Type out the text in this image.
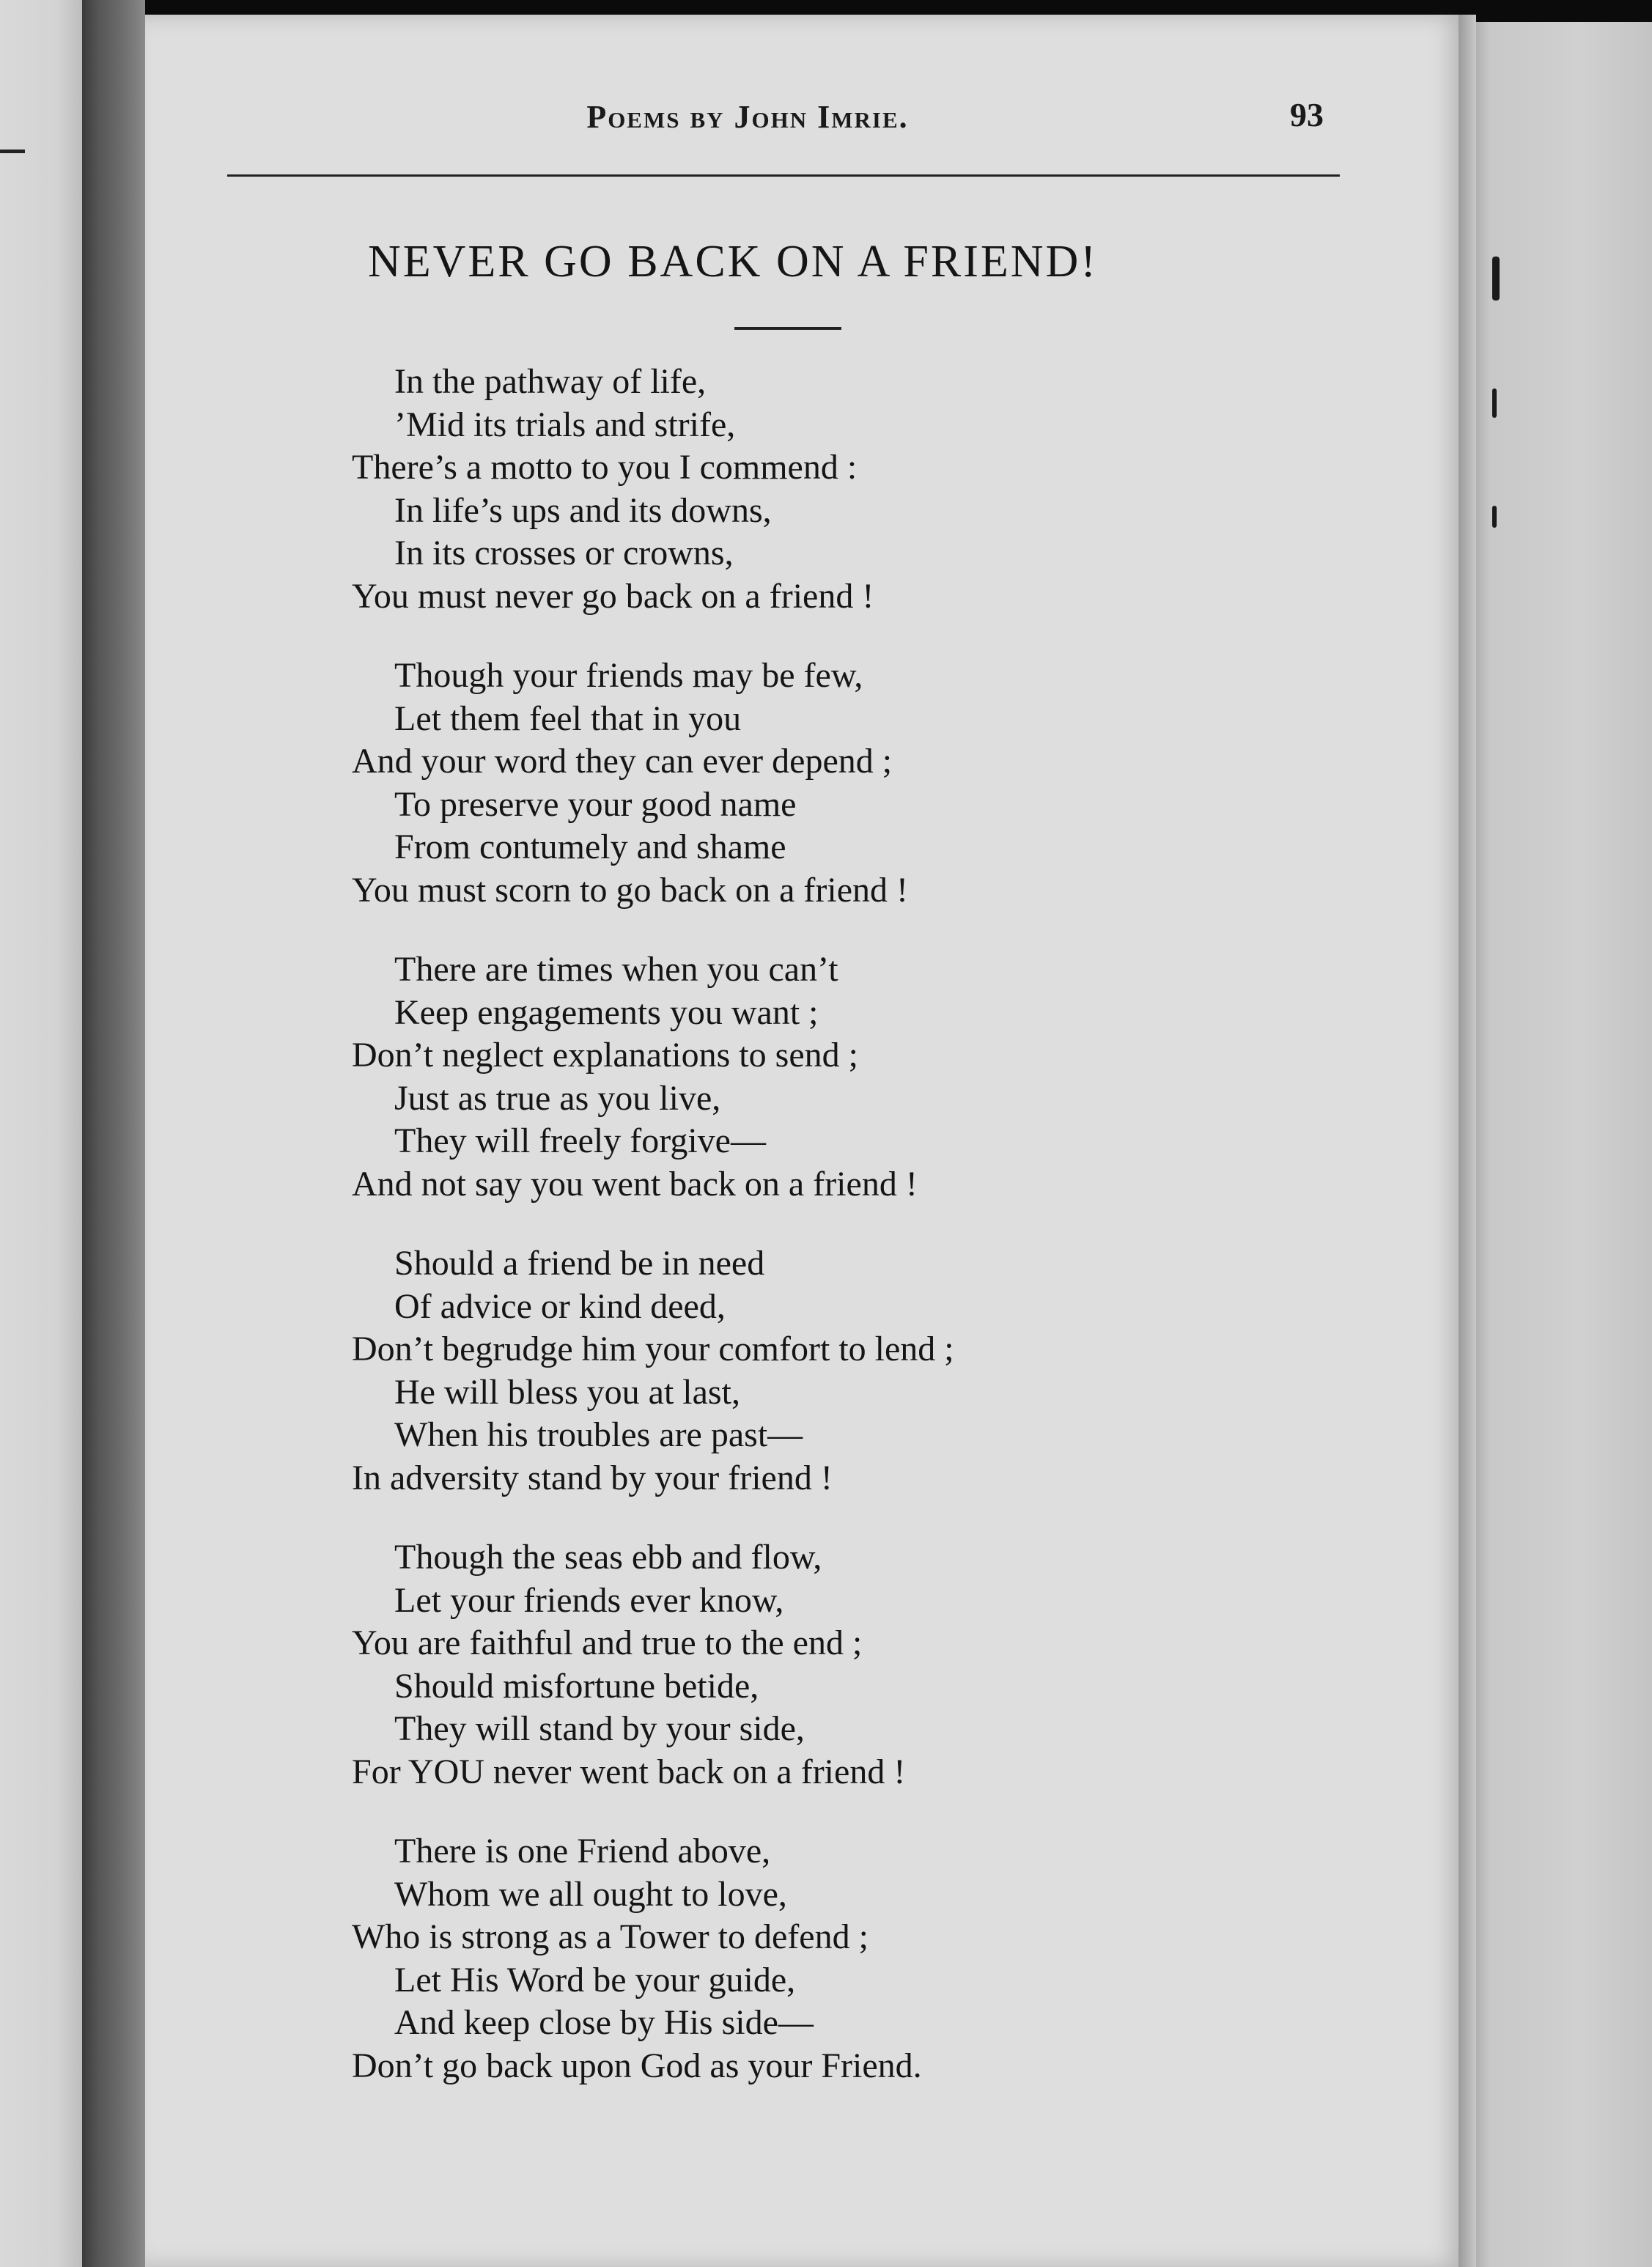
Poems by John Imrie.	93
NEVER GO BACK ON A FRIEND!
In the pathway of life,
’Mid its trials and strife,
There’s a motto to you I commend :
In life’s ups and its downs,
In its crosses or crowns,
You must never go back on a friend !
Though your friends may be few,
Let them feel that in you
And your word they can ever depend ;
To preserve your good name
From contumely and shame
You must scorn to go back on a friend !
There are times when you can’t
Keep engagements you want ;
Don’t neglect explanations to send ;
Just as true as you live,
They will freely forgive—
And not say you went back on a friend !
Should a friend be in need
Of advice or kind deed,
Don’t begrudge him your comfort to lend ;
He will bless you at last,
When his troubles are past—
In adversity stand by your friend !
Though the seas ebb and flow,
Let your friends ever know,
You are faithful and true to the end ;
Should misfortune betide,
They will stand by your side,
For YOU never went back on a friend !
There is one Friend above,
Whom we all ought to love,
Who is strong as a Tower to defend ;
Let His Word be your guide,
And keep close by His side—
Don’t go back upon God as your Friend.
